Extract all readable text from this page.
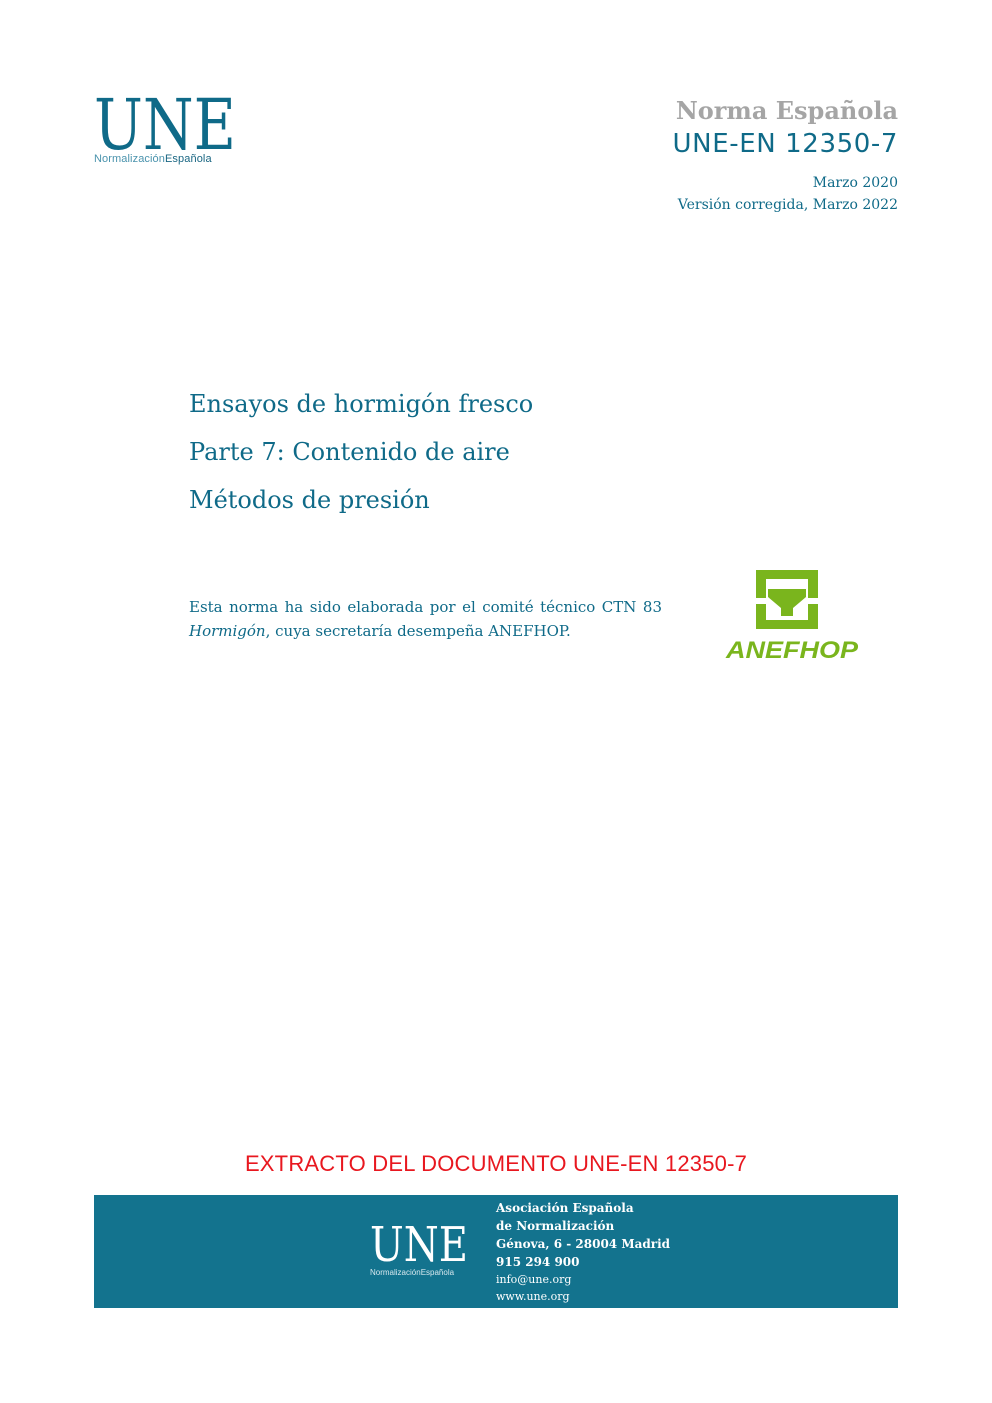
UNE
NormalizaciónEspañola
Norma Española
UNE-EN 12350-7
Marzo 2020
Versión corregida, Marzo 2022
Ensayos de hormigón fresco
Parte 7: Contenido de aire
Métodos de presión
Esta norma ha sido elaborada por el comité técnico CTN 83 Hormigón, cuya secretaría desempeña ANEFHOP.
ANEFHOP
EXTRACTO DEL DOCUMENTO UNE-EN 12350-7
UNE
NormalizaciónEspañola
Asociación Española
de Normalización
Génova, 6 - 28004 Madrid
915 294 900
info@une.org
www.une.org
